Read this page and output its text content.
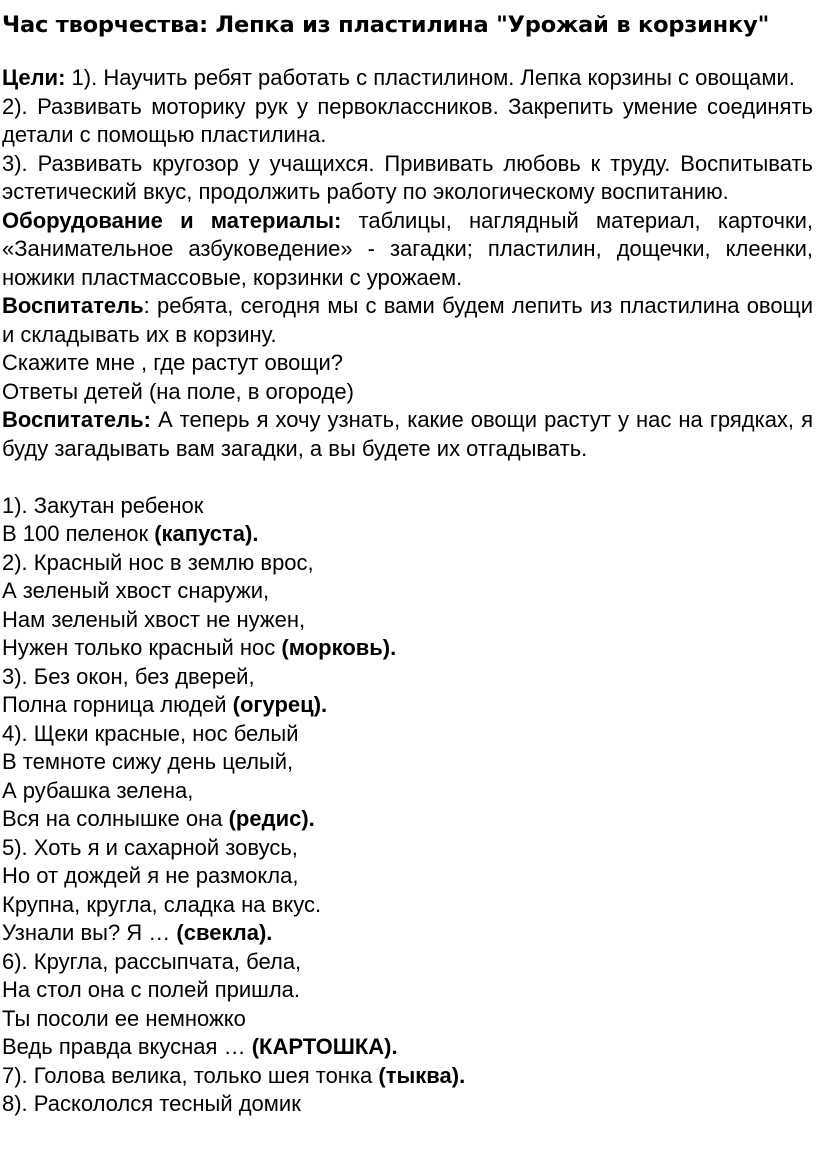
Час творчества: Лепка из пластилина "Урожай в корзинку"

Цели: 1). Научить ребят работать с пластилином. Лепка корзины с овощами.

2). Развивать моторику рук у первоклассников. Закрепить умение соединять детали с помощью пластилина.

3). Развивать кругозор у учащихся. Прививать любовь к труду. Воспитывать эстетический вкус, продолжить работу по экологическому воспитанию.

Оборудование и материалы: таблицы, наглядный материал, карточки, «Занимательное азбуковедение» - загадки; пластилин, дощечки, клеенки, ножики пластмассовые, корзинки с урожаем.

Воспитатель: ребята, сегодня мы с вами будем лепить из пластилина овощи и складывать их в корзину.

Скажите мне , где растут овощи?

Ответы детей (на поле, в огороде)

Воспитатель: А теперь я хочу узнать, какие овощи растут у нас на грядках, я буду загадывать вам загадки, а вы будете их отгадывать.

1). Закутан ребенок

В 100 пеленок (капуста).

2). Красный нос в землю врос,

А зеленый хвост снаружи,

Нам зеленый хвост не нужен,

Нужен только красный нос (морковь).

3). Без окон, без дверей,

Полна горница людей (огурец).

4). Щеки красные, нос белый

В темноте сижу день целый,

А рубашка зелена,

Вся на солнышке она (редис).

5). Хоть я и сахарной зовусь,

Но от дождей я не размокла,

Крупна, кругла, сладка на вкус.

Узнали вы? Я … (свекла).

6). Кругла, рассыпчата, бела,

На стол она с полей пришла.

Ты посоли ее немножко

Ведь правда вкусная … (КАРТОШКА).

7). Голова велика, только шея тонка (тыква).

8). Раскололся тесный домик
